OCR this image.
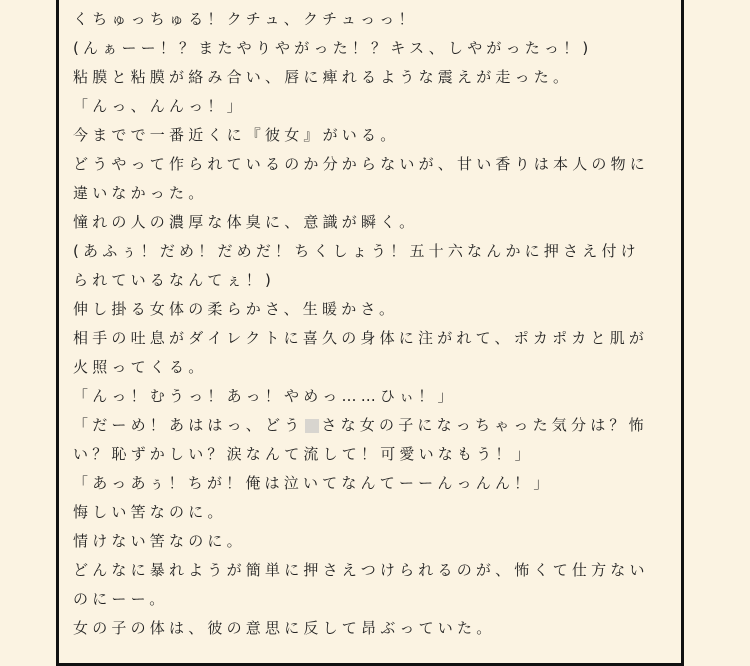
くちゅっちゅる！クチュ、クチュっっ！
(んぁーー！？またやりやがった！？キス、しやがったっ！)
粘膜と粘膜が絡み合い、唇に痺れるような震えが走った。
「んっ、んんっ！」
今までで一番近くに『彼女』がいる。
どうやって作られているのか分からないが、甘い香りは本人の物に
違いなかった。
憧れの人の濃厚な体臭に、意識が瞬く。
(あふぅ！だめ！だめだ！ちくしょう！五十六なんかに押さえ付け
られているなんてぇ！)
伸し掛る女体の柔らかさ、生暖かさ。
相手の吐息がダイレクトに喜久の身体に注がれて、ポカポカと肌が
火照ってくる。
「んっ！むうっ！あっ！やめっ……ひぃ！」
「だーめ！あははっ、どう さな女の子になっちゃった気分は？怖
い？恥ずかしい？涙なんて流して！可愛いなもう！」
「あっあぅ！ちが！俺は泣いてなんてーーんっんん！」
悔しい筈なのに。
情けない筈なのに。
どんなに暴れようが簡単に押さえつけられるのが、怖くて仕方ない
のにーー。
女の子の体は、彼の意思に反して昂ぶっていた。
